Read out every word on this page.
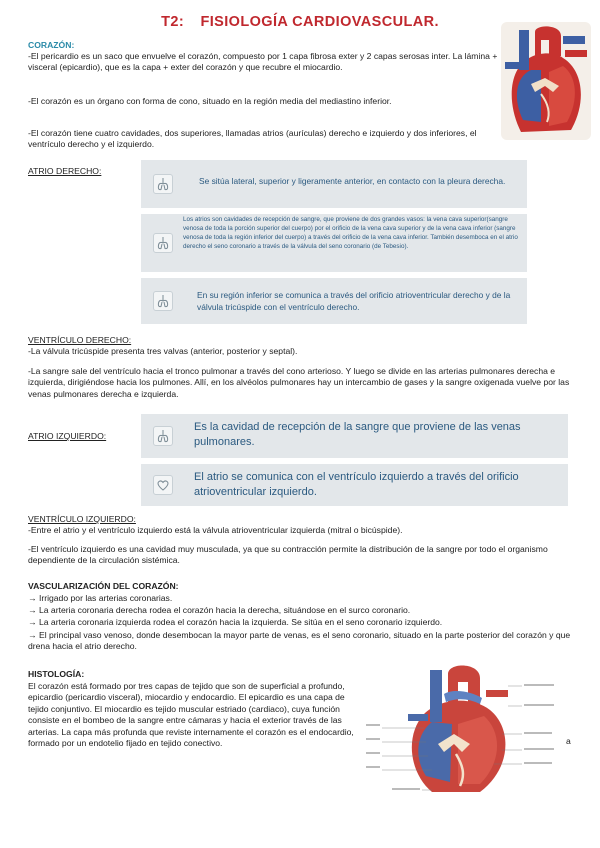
T2: FISIOLOGÍA CARDIOVASCULAR.
CORAZÓN:
-El pericardio es un saco que envuelve el corazón, compuesto por 1 capa fibrosa exter y 2 capas serosas inter. La lámina + visceral (epicardio), que es la capa + exter del corazón y que recubre el miocardio.
-El corazón es un órgano con forma de cono, situado en la región media del mediastino inferior.
-El corazón tiene cuatro cavidades, dos superiores, llamadas atrios (aurículas) derecho e izquierdo y dos inferiores, el ventrículo derecho y el izquierdo.
ATRIO DERECHO:
Se sitúa lateral, superior y ligeramente anterior, en contacto con la pleura derecha.
Los atrios son cavidades de recepción de sangre, que proviene de dos grandes vasos: la vena cava superior(sangre venosa de toda la porción superior del cuerpo) por el orificio de la vena cava superior y de la vena cava inferior (sangre venosa de toda la región inferior del cuerpo) a través del orificio de la vena cava inferior. También desemboca en el atrio derecho el seno coronario a través de la válvula del seno coronario (de Tebesio).
En su región inferior se comunica a través del orificio atrioventricular derecho y de la válvula tricúspide con el ventrículo derecho.
VENTRÍCULO DERECHO:
-La válvula tricúspide presenta tres valvas (anterior, posterior y septal).
-La sangre sale del ventrículo hacia el tronco pulmonar a través del cono arterioso. Y luego se divide en las arterias pulmonares derecha e izquierda, dirigiéndose hacia los pulmones. Allí, en los alvéolos pulmonares hay un intercambio de gases y la sangre oxigenada vuelve por las venas pulmonares derecha e izquierda.
ATRIO IZQUIERDO:
Es la cavidad de recepción de la sangre que proviene de las venas pulmonares.
El atrio se comunica con el ventrículo izquierdo a través del orificio atrioventricular izquierdo.
VENTRÍCULO IZQUIERDO:
-Entre el atrio y el ventrículo izquierdo está la válvula atrioventricular izquierda (mitral o bicúspide).
-El ventrículo izquierdo es una cavidad muy musculada, ya que su contracción permite la distribución de la sangre por todo el organismo dependiente de la circulación sistémica.
VASCULARIZACIÓN DEL CORAZÓN:
→ Irrigado por las arterias coronarias.
→ La arteria coronaria derecha rodea el corazón hacia la derecha, situándose en el surco coronario.
→ La arteria coronaria izquierda rodea el corazón hacia la izquierda. Se sitúa en el seno coronario izquierdo.
→ El principal vaso venoso, donde desembocan la mayor parte de venas, es el seno coronario, situado en la parte posterior del corazón y que drena hacia el atrio derecho.
HISTOLOGÍA:
El corazón está formado por tres capas de tejido que son de superficial a profundo, epicardio (pericardio visceral), miocardio y endocardio. El epicardio es una capa de tejido conjuntivo. El miocardio es tejido muscular estriado (cardiaco), cuya función consiste en el bombeo de la sangre entre cámaras y hacia el exterior través de las arterias. La capa más profunda que reviste internamente el corazón es el endocardio, formado por un endotelio fijado en tejido conectivo.	a
